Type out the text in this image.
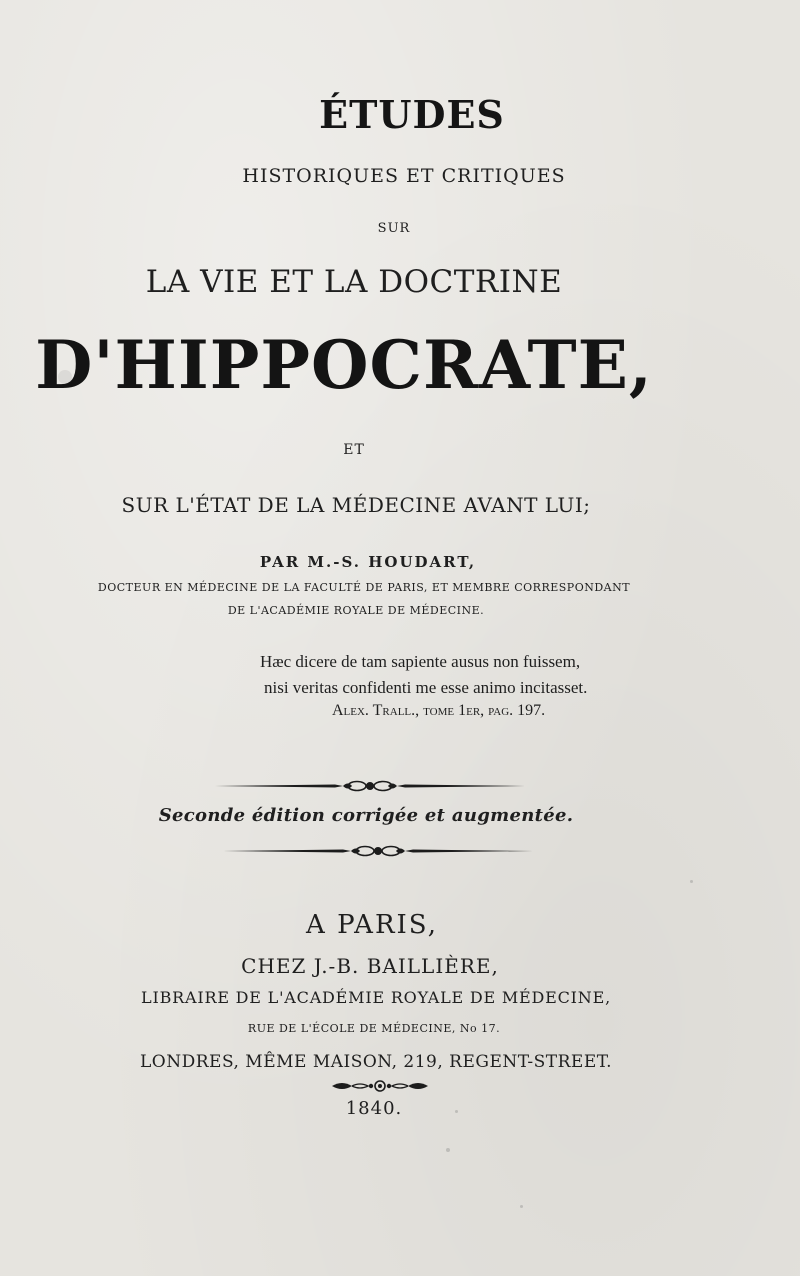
ÉTUDES
HISTORIQUES ET CRITIQUES
SUR
LA VIE ET LA DOCTRINE
D'HIPPOCRATE,
ET
SUR L'ÉTAT DE LA MÉDECINE AVANT LUI;
PAR M.-S. HOUDART,
DOCTEUR EN MÉDECINE DE LA FACULTÉ DE PARIS, ET MEMBRE CORRESPONDANT
DE L'ACADÉMIE ROYALE DE MÉDECINE.
Hæc dicere de tam sapiente ausus non fuissem,
nisi veritas confidenti me esse animo incitasset.
Alex. Trall., tome 1er, pag. 197.
Seconde édition corrigée et augmentée.
A PARIS,
CHEZ J.-B. BAILLIÈRE,
LIBRAIRE DE L'ACADÉMIE ROYALE DE MÉDECINE,
RUE DE L'ÉCOLE DE MÉDECINE, No 17.
LONDRES, MÊME MAISON, 219, REGENT-STREET.
1840.
